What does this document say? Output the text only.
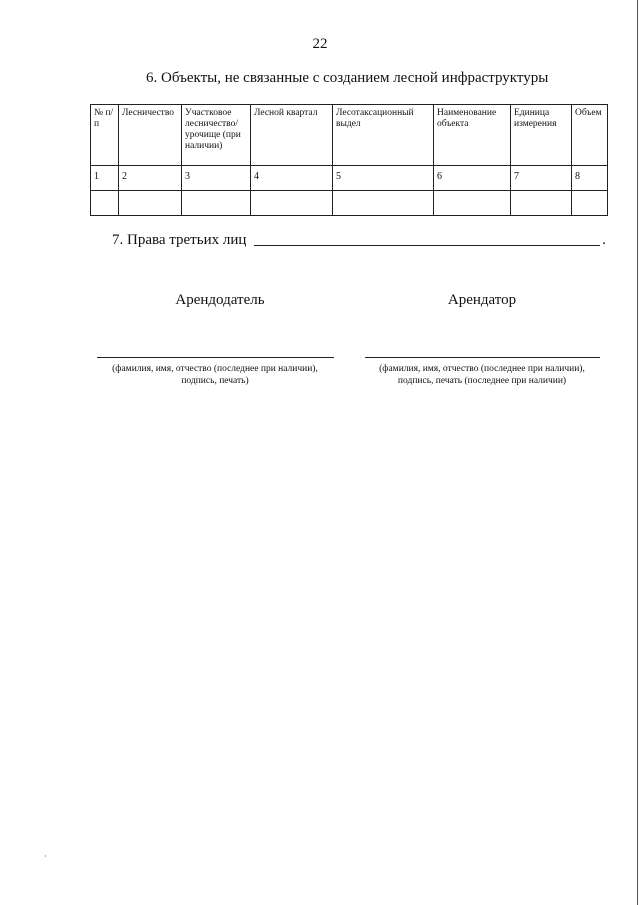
22
6. Объекты, не связанные с созданием лесной инфраструктуры
№ п/п	Лесничество	Участковое лесничество/ урочище (при наличии)	Лесной квартал	Лесотаксационный выдел	Наименование объекта	Единица измерения	Объем
1	2	3	4	5	6	7	8

7. Права третьих лиц	.
Арендодатель	Арендатор
(фамилия, имя, отчество (последнее при наличии),
подпись, печать)
(фамилия, имя, отчество (последнее при наличии),
подпись, печать (последнее при наличии)
·
